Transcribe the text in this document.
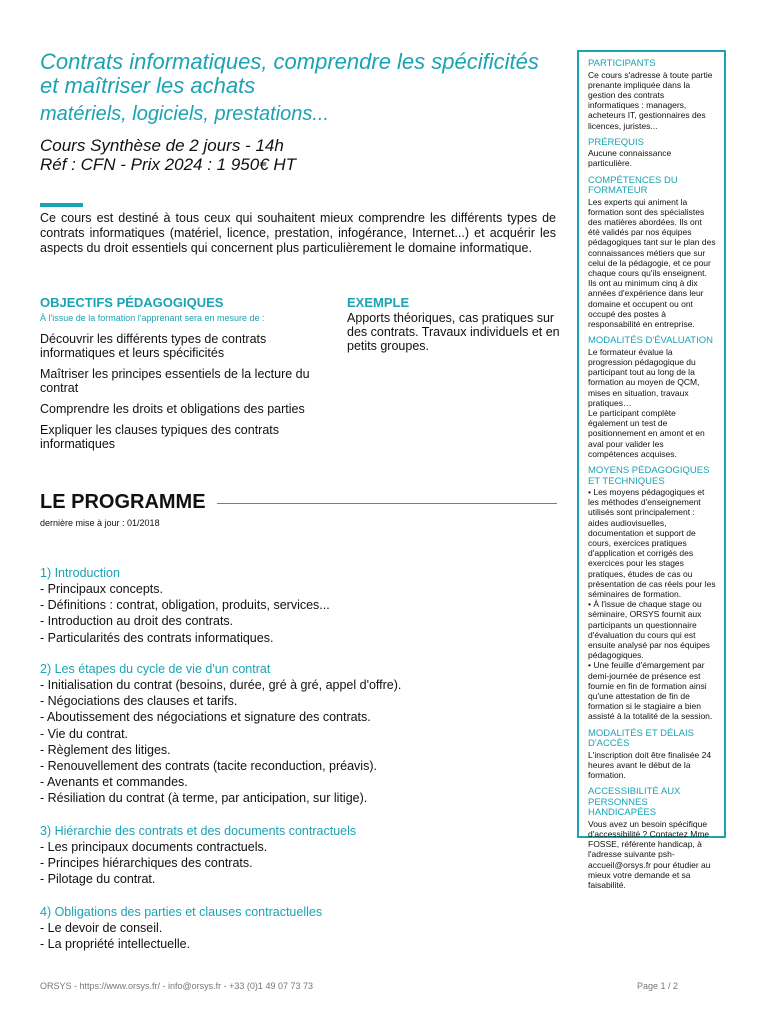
Contrats informatiques, comprendre les spécificités et maîtriser les achats
matériels, logiciels, prestations...
Cours Synthèse de 2 jours - 14h
Réf : CFN - Prix 2024 : 1 950€ HT

Ce cours est destiné à tous ceux qui souhaitent mieux comprendre les différents types de contrats informatiques (matériel, licence, prestation, infogérance, Internet...) et acquérir les aspects du droit essentiels qui concernent plus particulièrement le domaine informatique.

OBJECTIFS PÉDAGOGIQUES
À l'issue de la formation l'apprenant sera en mesure de :
Découvrir les différents types de contrats informatiques et leurs spécificités
Maîtriser les principes essentiels de la lecture du contrat
Comprendre les droits et obligations des parties
Expliquer les clauses typiques des contrats informatiques
EXEMPLE

Apports théoriques, cas pratiques sur des contrats. Travaux individuels et en petits groupes.

LE PROGRAMME
dernière mise à jour : 01/2018
1) Introduction
- Principaux concepts.
- Définitions : contrat, obligation, produits, services...
- Introduction au droit des contrats.
- Particularités des contrats informatiques.
2) Les étapes du cycle de vie d'un contrat
- Initialisation du contrat (besoins, durée, gré à gré, appel d'offre).
- Négociations des clauses et tarifs.
- Aboutissement des négociations et signature des contrats.
- Vie du contrat.
- Règlement des litiges.
- Renouvellement des contrats (tacite reconduction, préavis).
- Avenants et commandes.
- Résiliation du contrat (à terme, par anticipation, sur litige).
3) Hiérarchie des contrats et des documents contractuels
- Les principaux documents contractuels.
- Principes hiérarchiques des contrats.
- Pilotage du contrat.
4) Obligations des parties et clauses contractuelles
- Le devoir de conseil.
- La propriété intellectuelle.
PARTICIPANTS

Ce cours s'adresse à toute partie prenante impliquée dans la gestion des contrats informatiques : managers, acheteurs IT, gestionnaires des licences, juristes...

PRÉREQUIS

Aucune connaissance particulière.

COMPÉTENCES DU FORMATEUR

Les experts qui animent la formation sont des spécialistes des matières abordées. Ils ont été validés par nos équipes pédagogiques tant sur le plan des connaissances métiers que sur celui de la pédagogie, et ce pour chaque cours qu'ils enseignent. Ils ont au minimum cinq à dix années d'expérience dans leur domaine et occupent ou ont occupé des postes à responsabilité en entreprise.

MODALITÉS D'ÉVALUATION

Le formateur évalue la progression pédagogique du participant tout au long de la formation au moyen de QCM, mises en situation, travaux pratiques…
Le participant complète également un test de positionnement en amont et en aval pour valider les compétences acquises.

MOYENS PÉDAGOGIQUES ET TECHNIQUES

• Les moyens pédagogiques et les méthodes d'enseignement utilisés sont principalement : aides audiovisuelles, documentation et support de cours, exercices pratiques d'application et corrigés des exercices pour les stages pratiques, études de cas ou présentation de cas réels pour les séminaires de formation.
• À l'issue de chaque stage ou séminaire, ORSYS fournit aux participants un questionnaire d'évaluation du cours qui est ensuite analysé par nos équipes pédagogiques.
• Une feuille d'émargement par demi-journée de présence est fournie en fin de formation ainsi qu'une attestation de fin de formation si le stagiaire a bien assisté à la totalité de la session.

MODALITÉS ET DÉLAIS D'ACCÈS

L'inscription doit être finalisée 24 heures avant le début de la formation.

ACCESSIBILITÉ AUX PERSONNES HANDICAPÉES

Vous avez un besoin spécifique d'accessibilité ? Contactez Mme FOSSE, référente handicap, à l'adresse suivante psh-accueil@orsys.fr pour étudier au mieux votre demande et sa faisabilité.

ORSYS - https://www.orsys.fr/ - info@orsys.fr - +33 (0)1 49 07 73 73	Page 1 / 2
